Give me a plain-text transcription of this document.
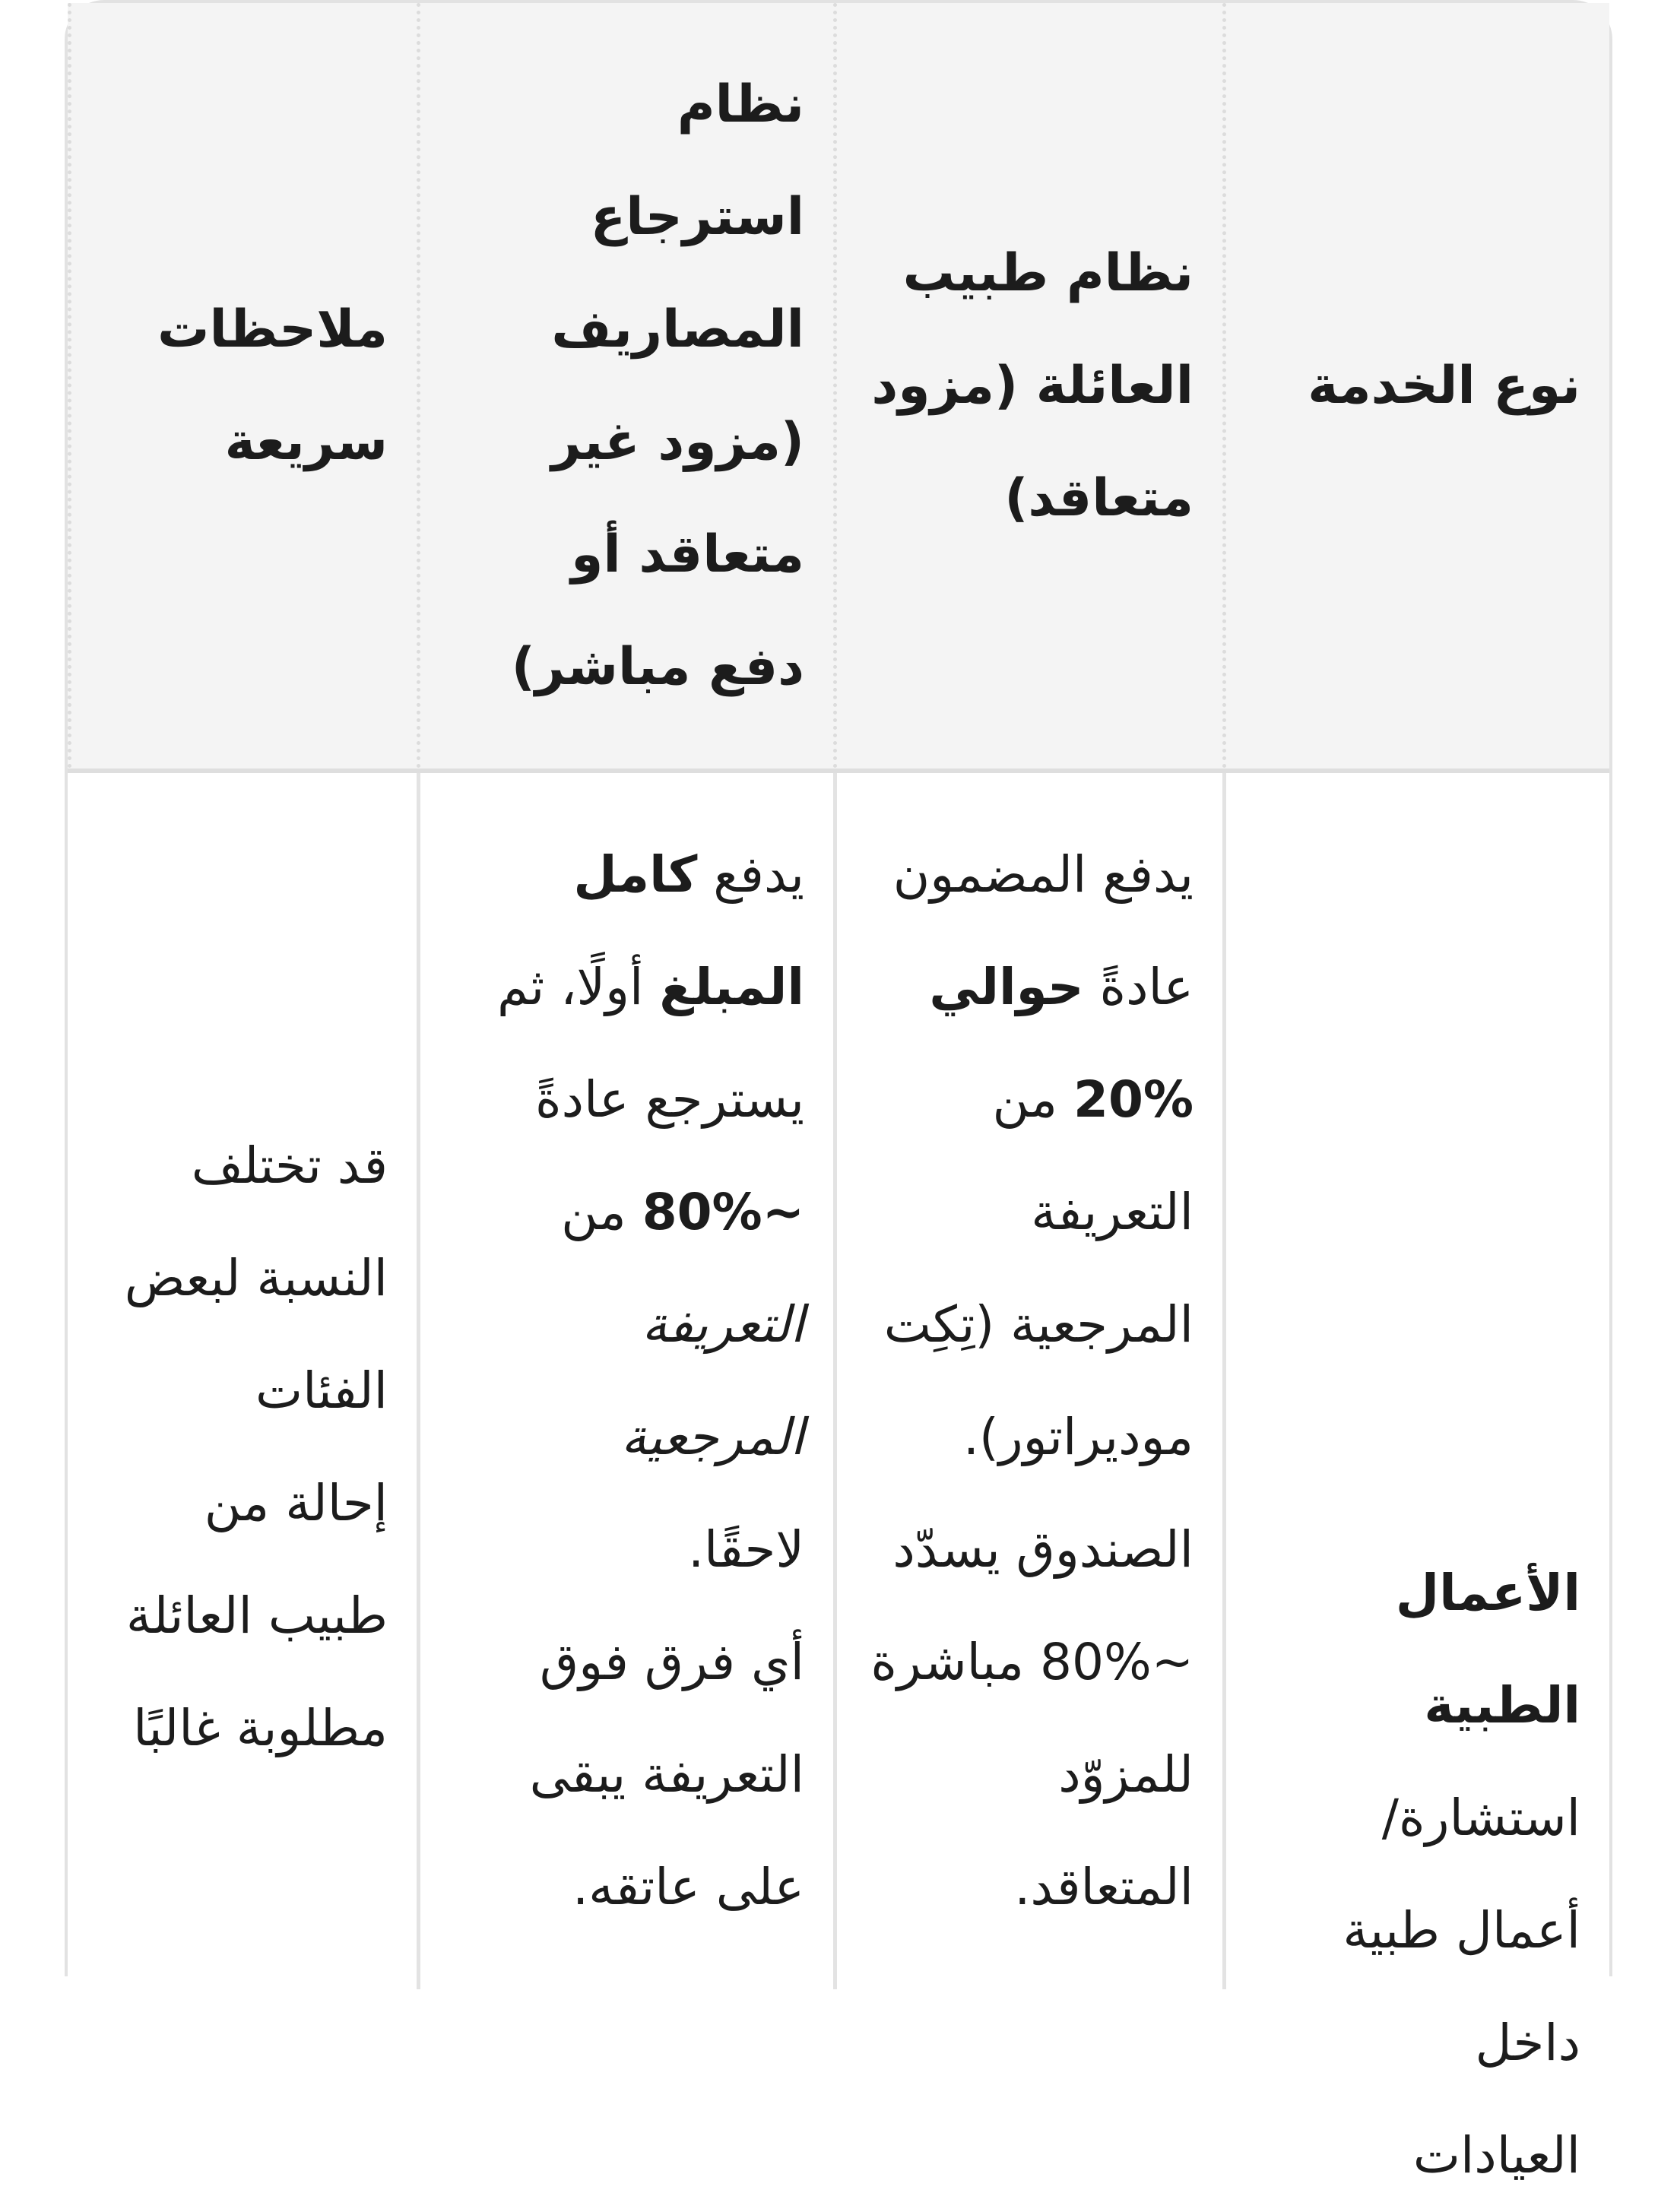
نوع الخدمة
نظام طبيب
العائلة (مزود
متعاقد)
نظام
استرجاع
المصاريف
(مزود غير
متعاقد أو
دفع مباشر)
ملاحظات
سريعة
الأعمال
الطبية
استشارة/
أعمال طبية
داخل
العيادات
يدفع المضمون
عادةً حوالي
20% من
التعريفة
المرجعية (تِكِت
موديراتور).
الصندوق يسدّد
~80% مباشرة
للمزوّد
المتعاقد.
يدفع كامل
المبلغ أولًا، ثم
يسترجع عادةً
~80% من
التعريفة
المرجعية
لاحقًا.
أي فرق فوق
التعريفة يبقى
على عاتقه.
قد تختلف
النسبة لبعض
الفئات
إحالة من
طبيب العائلة
مطلوبة غالبًا
